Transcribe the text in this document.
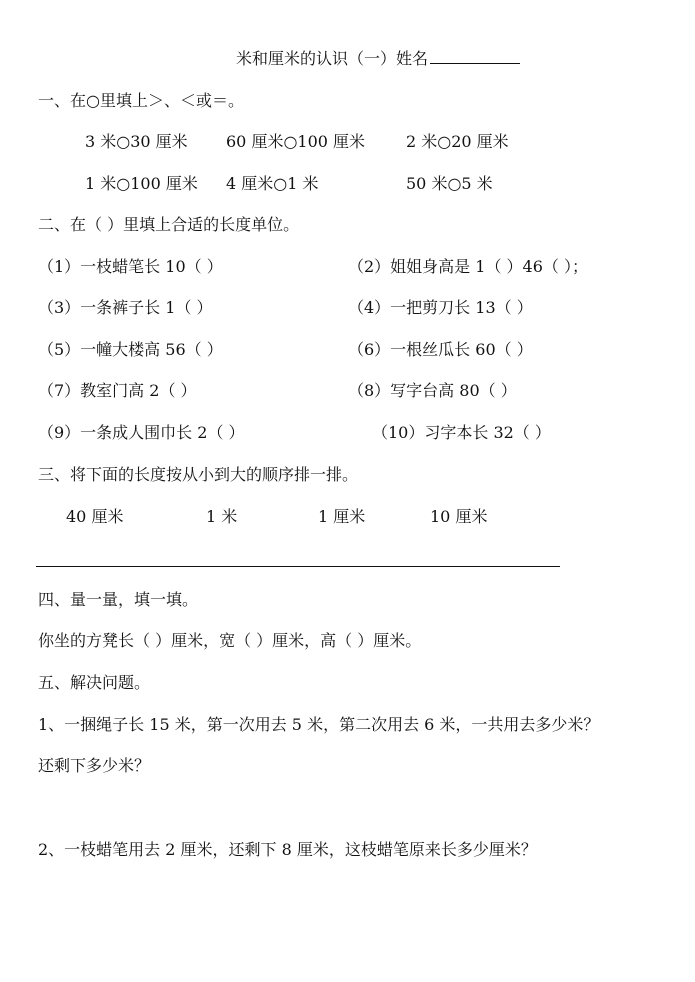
米和厘米的认识（一）姓名
一、在○里填上＞、＜或＝。
3 米○30 厘米 60 厘米○100 厘米	2 米○20 厘米
1 米○100 厘米 4 厘米○1 米	50 米○5 米
二、在（ ）里填上合适的长度单位。
（1）一枝蜡笔长 10（ ）	（2）姐姐身高是 1（ ）46（ ）；
（3）一条裤子长 1（ ）	（4）一把剪刀长 13（ ）
（5）一幢大楼高 56（ ）	（6）一根丝瓜长 60（ ）
（7）教室门高 2（ ）	（8）写字台高 80（ ）
（9）一条成人围巾长 2（ ）	（10）习字本长 32（ ）
三、将下面的长度按从小到大的顺序排一排。
40 厘米	1 米	1 厘米	10 厘米
四、量一量，填一填。
你坐的方凳长（ ）厘米，宽（ ）厘米，高（ ）厘米。
五、解决问题。
1、一捆绳子长 15 米，第一次用去 5 米，第二次用去 6 米，一共用去多少米？
还剩下多少米？
2、一枝蜡笔用去 2 厘米，还剩下 8 厘米，这枝蜡笔原来长多少厘米？
